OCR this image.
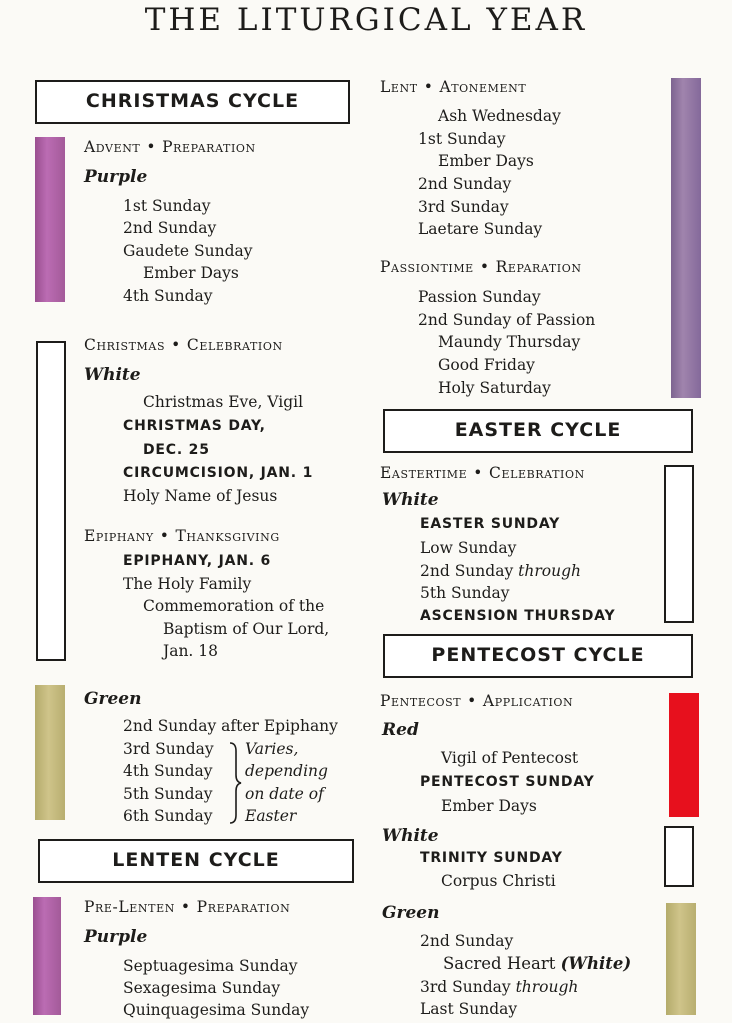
THE LITURGICAL YEAR
CHRISTMAS CYCLE
Advent • Preparation
Purple
1st Sunday
2nd Sunday
Gaudete Sunday
Ember Days
4th Sunday
Christmas • Celebration
White
Christmas Eve, Vigil
CHRISTMAS DAY,
DEC. 25
CIRCUMCISION, JAN. 1
Holy Name of Jesus
Epiphany • Thanksgiving
EPIPHANY, JAN. 6
The Holy Family
Commemoration of the
Baptism of Our Lord,
Jan. 18
Green
2nd Sunday after Epiphany
3rd Sunday
4th Sunday
5th Sunday
6th Sunday
Varies,
depending
on date of
Easter
LENTEN CYCLE
Pre-Lenten • Preparation
Purple
Septuagesima Sunday
Sexagesima Sunday
Quinquagesima Sunday
Lent • Atonement
Ash Wednesday
1st Sunday
Ember Days
2nd Sunday
3rd Sunday
Laetare Sunday
Passiontime • Reparation
Passion Sunday
2nd Sunday of Passion
Maundy Thursday
Good Friday
Holy Saturday
EASTER CYCLE
Eastertime • Celebration
White
EASTER SUNDAY
Low Sunday
2nd Sunday through
5th Sunday
ASCENSION THURSDAY
PENTECOST CYCLE
Pentecost • Application
Red
Vigil of Pentecost
PENTECOST SUNDAY
Ember Days
White
TRINITY SUNDAY
Corpus Christi
Green
2nd Sunday
Sacred Heart (White)
3rd Sunday through
Last Sunday
